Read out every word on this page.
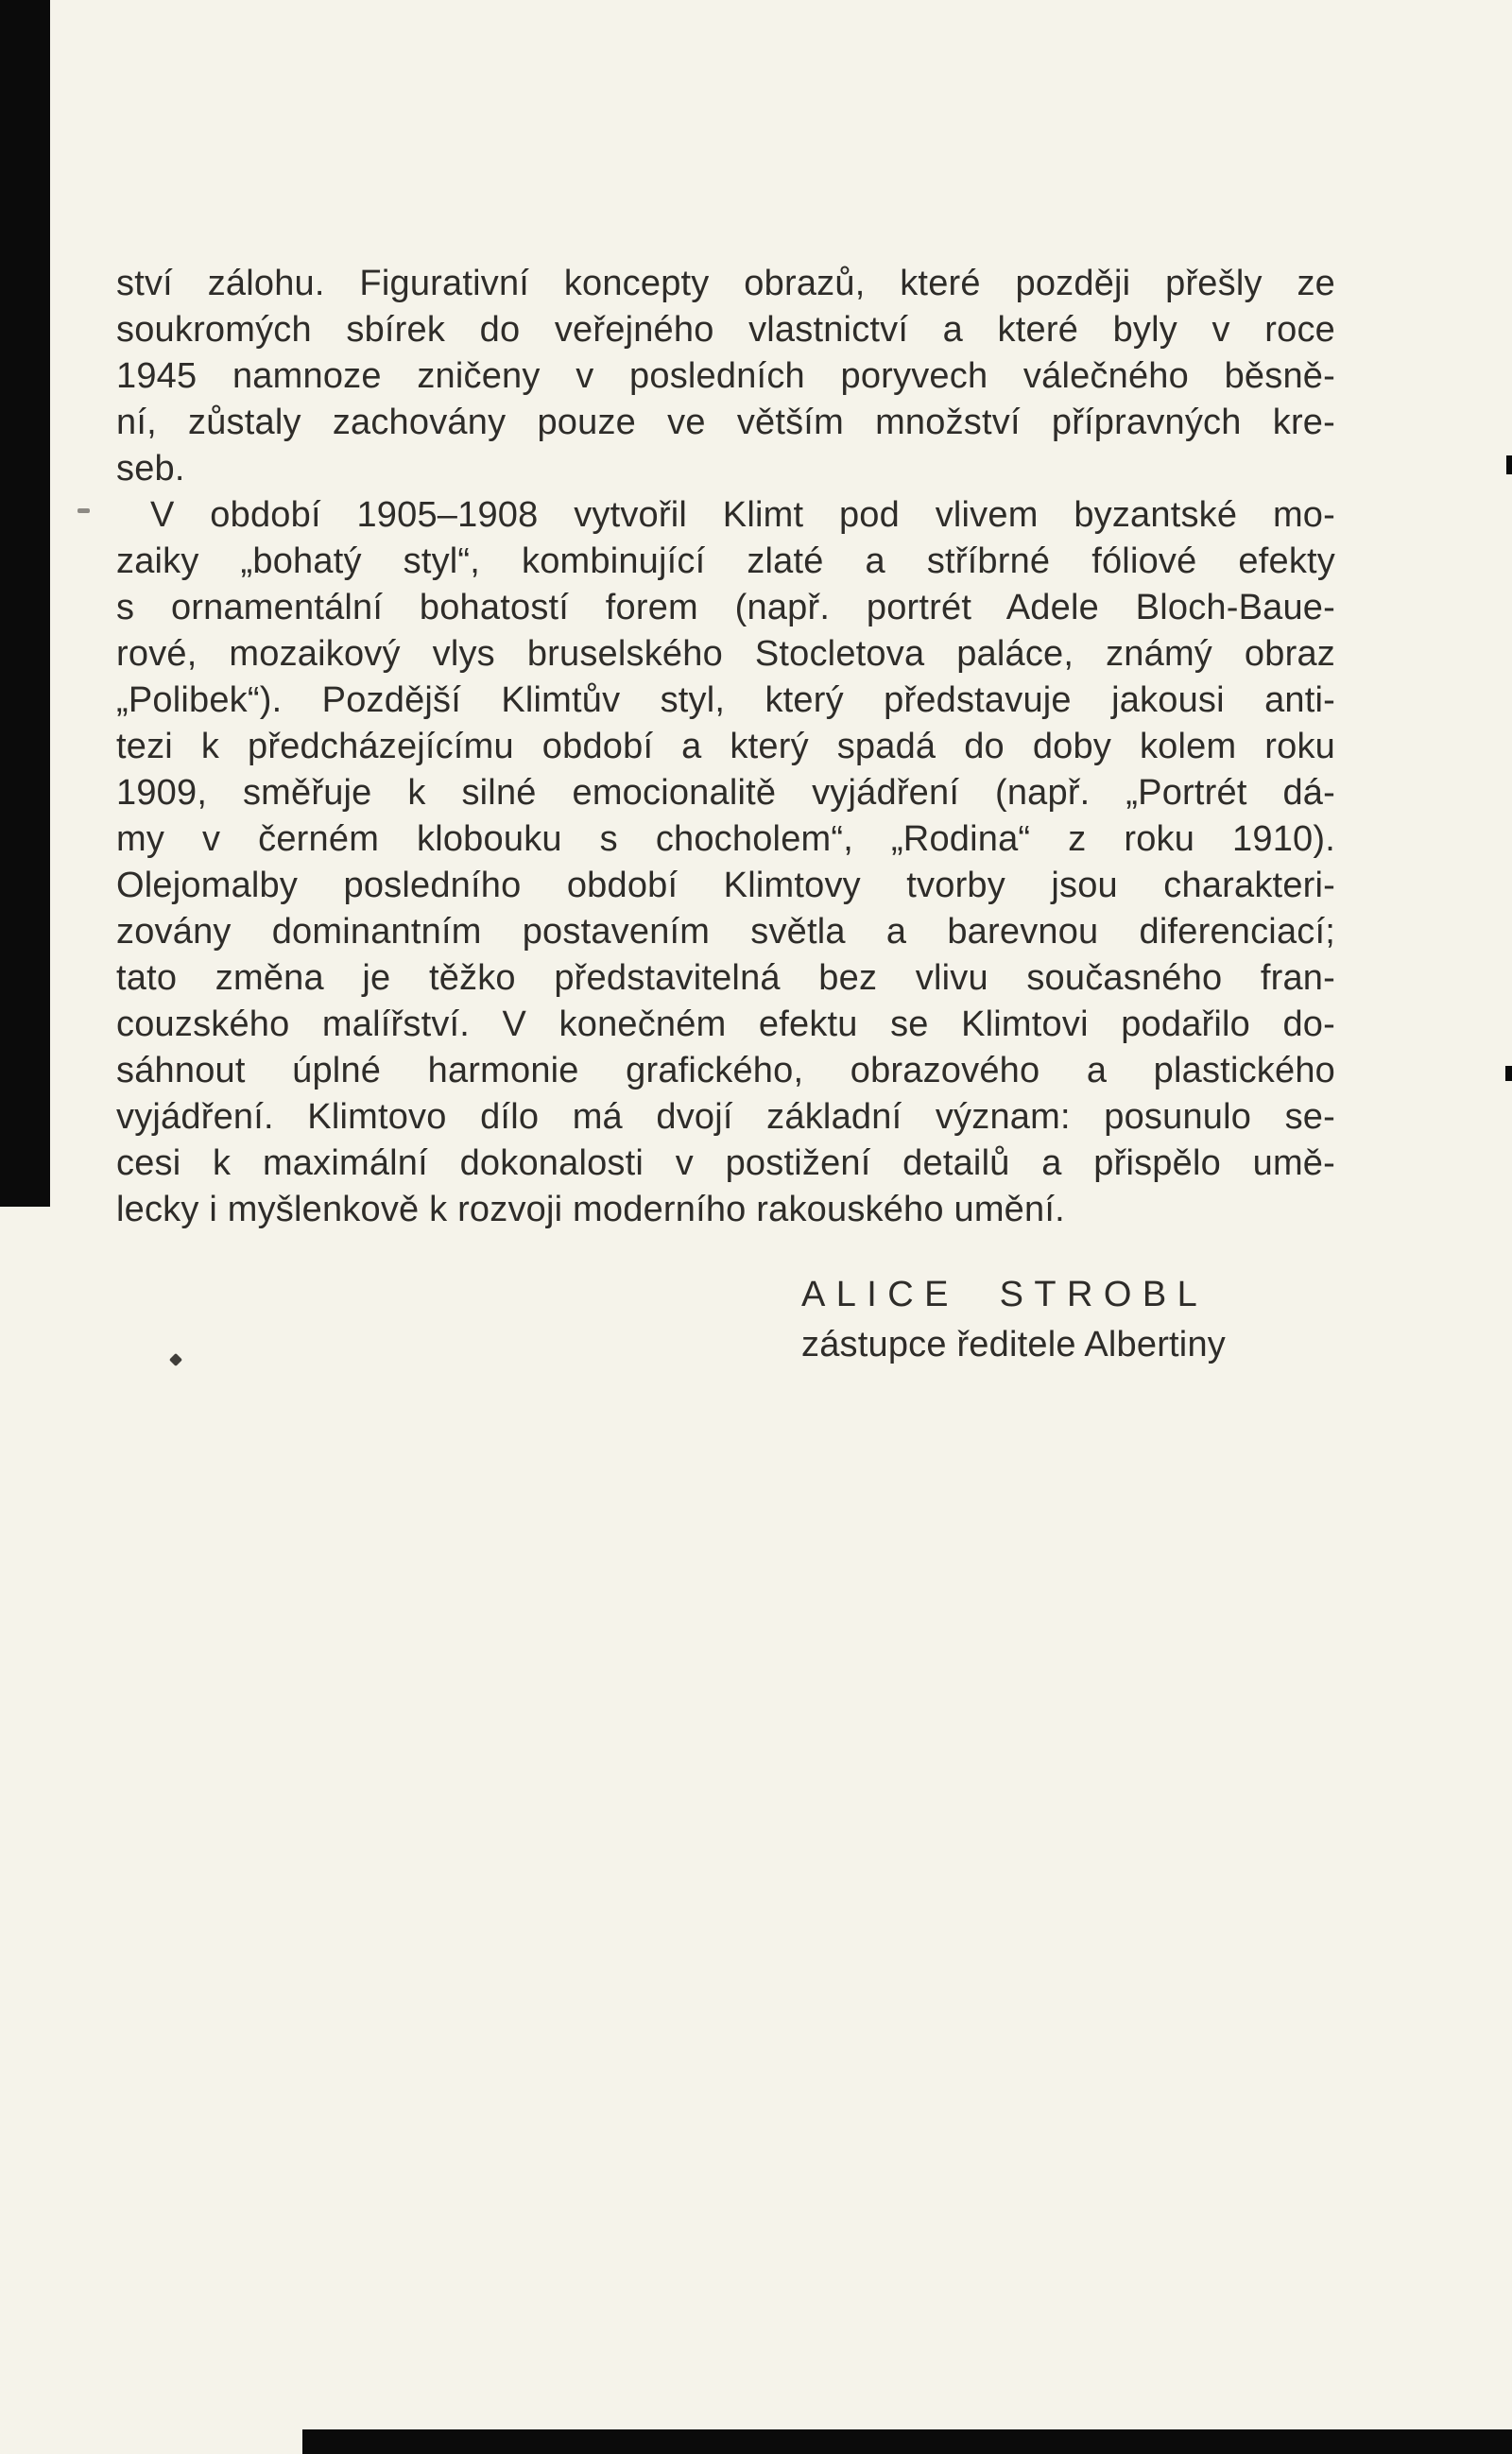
ství zálohu. Figurativní koncepty obrazů, které později přešly ze
soukromých sbírek do veřejného vlastnictví a které byly v roce
1945 namnoze zničeny v posledních poryvech válečného běsně-
ní, zůstaly zachovány pouze ve větším množství přípravných kre-
seb.
V období 1905–1908 vytvořil Klimt pod vlivem byzantské mo-
zaiky „bohatý styl“, kombinující zlaté a stříbrné fóliové efekty
s ornamentální bohatostí forem (např. portrét Adele Bloch-Baue-
rové, mozaikový vlys bruselského Stocletova paláce, známý obraz
„Polibek“). Pozdější Klimtův styl, který představuje jakousi anti-
tezi k předcházejícímu období a který spadá do doby kolem roku
1909, směřuje k silné emocionalitě vyjádření (např. „Portrét dá-
my v černém klobouku s chocholem“, „Rodina“ z roku 1910).
Olejomalby posledního období Klimtovy tvorby jsou charakteri-
zovány dominantním postavením světla a barevnou diferenciací;
tato změna je těžko představitelná bez vlivu současného fran-
couzského malířství. V konečném efektu se Klimtovi podařilo do-
sáhnout úplné harmonie grafického, obrazového a plastického
vyjádření. Klimtovo dílo má dvojí základní význam: posunulo se-
cesi k maximální dokonalosti v postižení detailů a přispělo umě-
lecky i myšlenkově k rozvoji moderního rakouského umění.
ALICE STROBL
zástupce ředitele Albertiny
